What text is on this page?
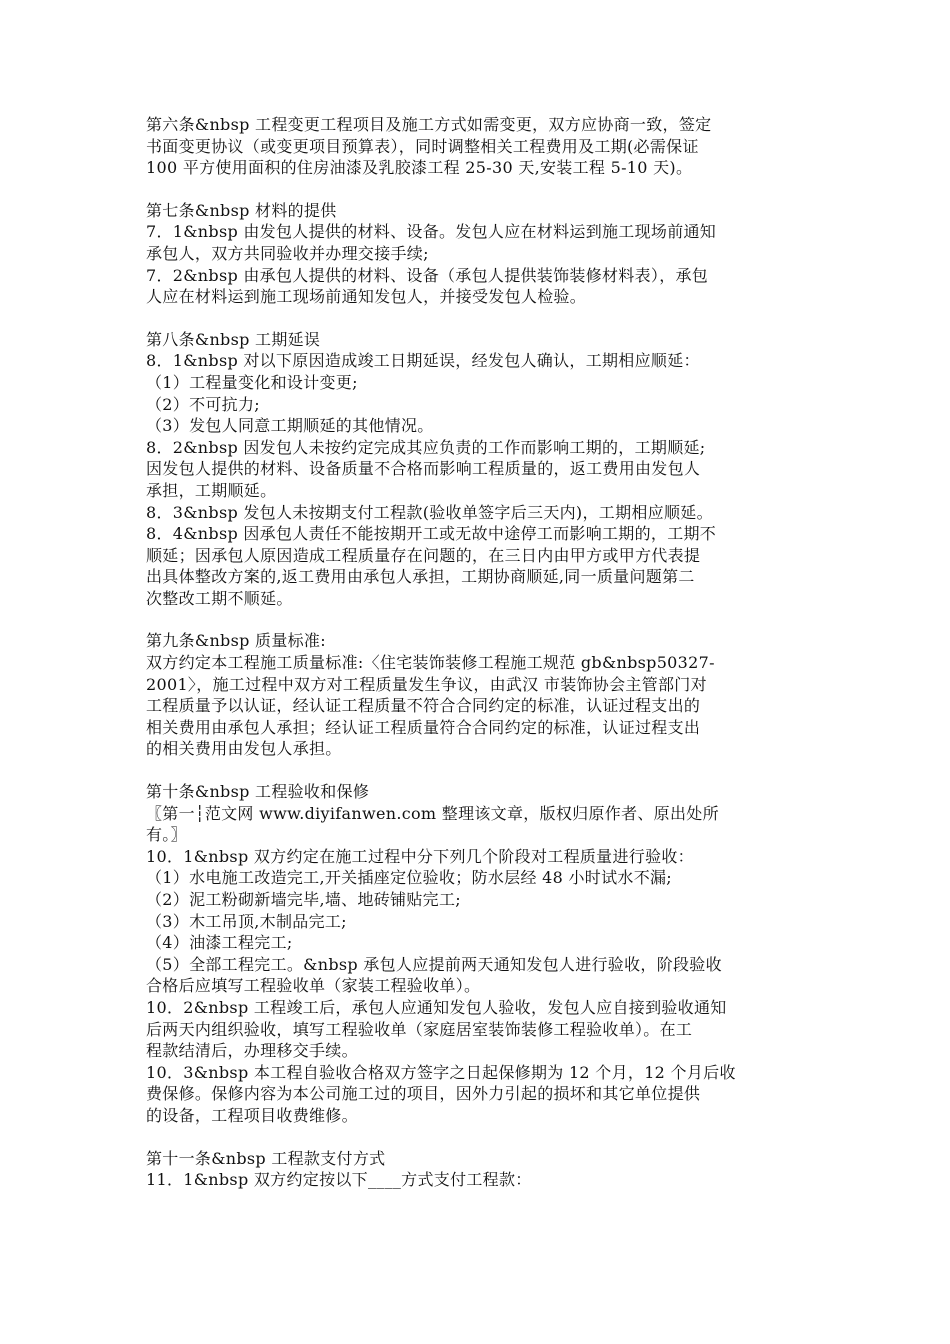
第六条&nbsp 工程变更工程项目及施工方式如需变更，双方应协商一致，签定
书面变更协议（或变更项目预算表），同时调整相关工程费用及工期(必需保证
100 平方使用面积的住房油漆及乳胶漆工程 25-30 天,安装工程 5-10 天)。
第七条&nbsp 材料的提供
7．1&nbsp 由发包人提供的材料、设备。发包人应在材料运到施工现场前通知
承包人，双方共同验收并办理交接手续;
7．2&nbsp 由承包人提供的材料、设备（承包人提供装饰装修材料表），承包
人应在材料运到施工现场前通知发包人，并接受发包人检验。
第八条&nbsp 工期延误
8．1&nbsp 对以下原因造成竣工日期延误，经发包人确认，工期相应顺延：
（1）工程量变化和设计变更;
（2）不可抗力;
（3）发包人同意工期顺延的其他情况。
8．2&nbsp 因发包人未按约定完成其应负责的工作而影响工期的，工期顺延;
因发包人提供的材料、设备质量不合格而影响工程质量的，返工费用由发包人
承担，工期顺延。
8．3&nbsp 发包人未按期支付工程款(验收单签字后三天内)，工期相应顺延。
8．4&nbsp 因承包人责任不能按期开工或无故中途停工而影响工期的，工期不
顺延；因承包人原因造成工程质量存在问题的，在三日内由甲方或甲方代表提
出具体整改方案的,返工费用由承包人承担，工期协商顺延,同一质量问题第二
次整改工期不顺延。
第九条&nbsp 质量标准:
双方约定本工程施工质量标准:〈住宅装饰装修工程施工规范 gb&nbsp50327-
2001〉，施工过程中双方对工程质量发生争议，由武汉 市装饰协会主管部门对
工程质量予以认证，经认证工程质量不符合合同约定的标准，认证过程支出的
相关费用由承包人承担；经认证工程质量符合合同约定的标准，认证过程支出
的相关费用由发包人承担。
第十条&nbsp 工程验收和保修
〖第一┆范文网 www.diyifanwen.com 整理该文章，版权归原作者、原出处所
有。〗
10．1&nbsp 双方约定在施工过程中分下列几个阶段对工程质量进行验收：
（1）水电施工改造完工,开关插座定位验收；防水层经 48 小时试水不漏;
（2）泥工粉砌新墙完毕,墙、地砖铺贴完工;
（3）木工吊顶,木制品完工;
（4）油漆工程完工;
（5）全部工程完工。&nbsp 承包人应提前两天通知发包人进行验收，阶段验收
合格后应填写工程验收单（家装工程验收单）。
10．2&nbsp 工程竣工后，承包人应通知发包人验收，发包人应自接到验收通知
后两天内组织验收，填写工程验收单（家庭居室装饰装修工程验收单）。在工
程款结清后，办理移交手续。
10．3&nbsp 本工程自验收合格双方签字之日起保修期为 12 个月，12 个月后收
费保修。保修内容为本公司施工过的项目，因外力引起的损坏和其它单位提供
的设备，工程项目收费维修。
第十一条&nbsp 工程款支付方式
11．1&nbsp 双方约定按以下____方式支付工程款：
